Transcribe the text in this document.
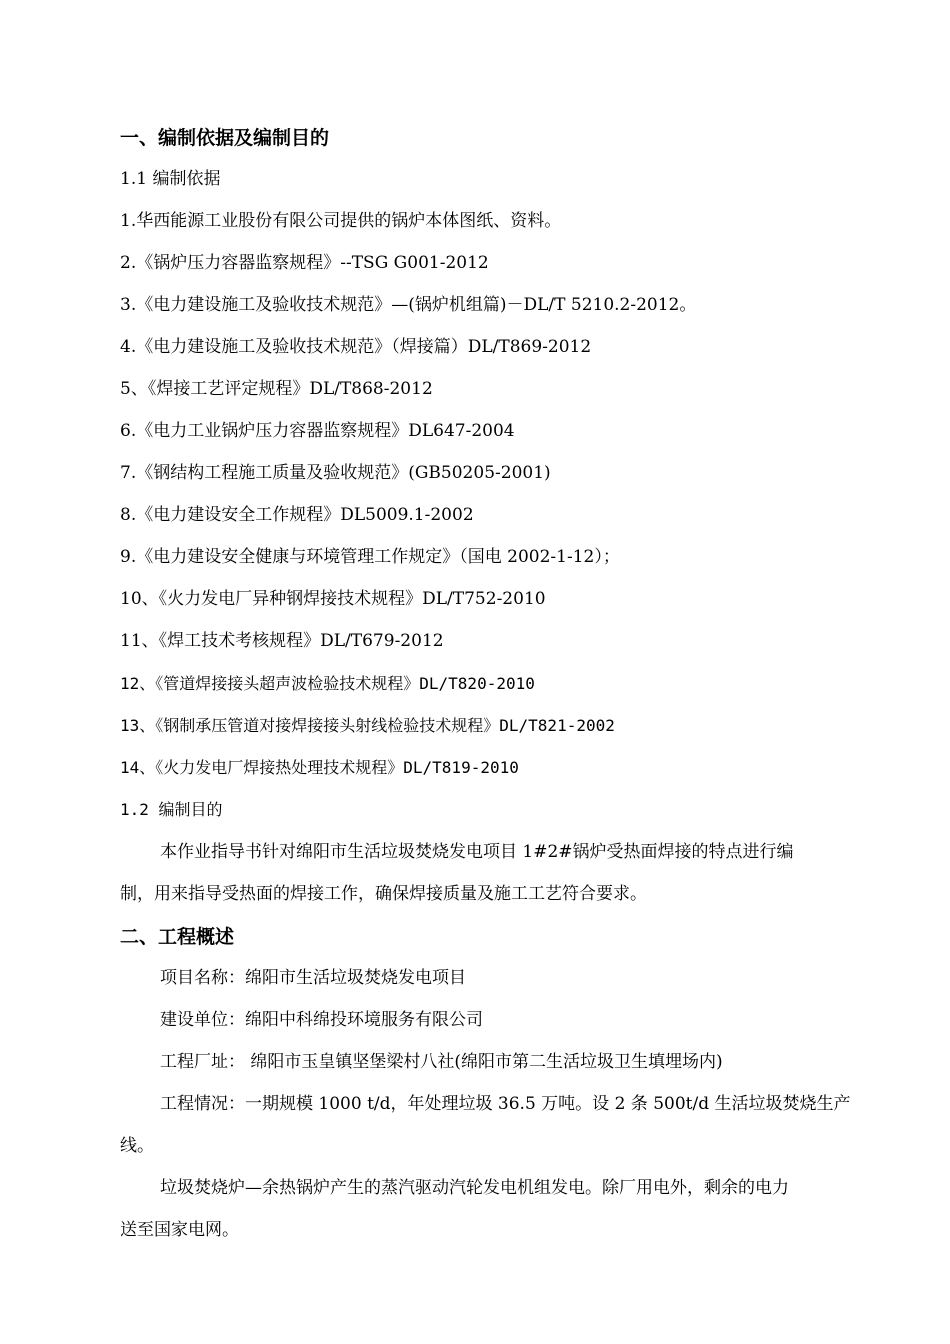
一、编制依据及编制目的
1.1 编制依据
1.华西能源工业股份有限公司提供的锅炉本体图纸、资料。
2.《锅炉压力容器监察规程》--TSG G001-2012
3.《电力建设施工及验收技术规范》—(锅炉机组篇)－DL/T 5210.2-2012。
4.《电力建设施工及验收技术规范》（焊接篇）DL/T869-2012
5、《焊接工艺评定规程》DL/T868-2012
6.《电力工业锅炉压力容器监察规程》DL647-2004
7.《钢结构工程施工质量及验收规范》(GB50205-2001)
8.《电力建设安全工作规程》DL5009.1-2002
9.《电力建设安全健康与环境管理工作规定》（国电 2002-1-12）；
10、《火力发电厂异种钢焊接技术规程》DL/T752-2010
11、《焊工技术考核规程》DL/T679-2012
12、《管道焊接接头超声波检验技术规程》DL/T820-2010
13、《钢制承压管道对接焊接接头射线检验技术规程》DL/T821-2002
14、《火力发电厂焊接热处理技术规程》DL/T819-2010
1.2 编制目的
本作业指导书针对绵阳市生活垃圾焚烧发电项目 1#2#锅炉受热面焊接的特点进行编
制，用来指导受热面的焊接工作，确保焊接质量及施工工艺符合要求。
二、工程概述
项目名称：绵阳市生活垃圾焚烧发电项目
建设单位：绵阳中科绵投环境服务有限公司
工程厂址： 绵阳市玉皇镇坚堡梁村八社(绵阳市第二生活垃圾卫生填埋场内)
工程情况：一期规模 1000 t/d，年处理垃圾 36.5 万吨。设 2 条 500t/d 生活垃圾焚烧生产
线。
垃圾焚烧炉—余热锅炉产生的蒸汽驱动汽轮发电机组发电。除厂用电外，剩余的电力
送至国家电网。
